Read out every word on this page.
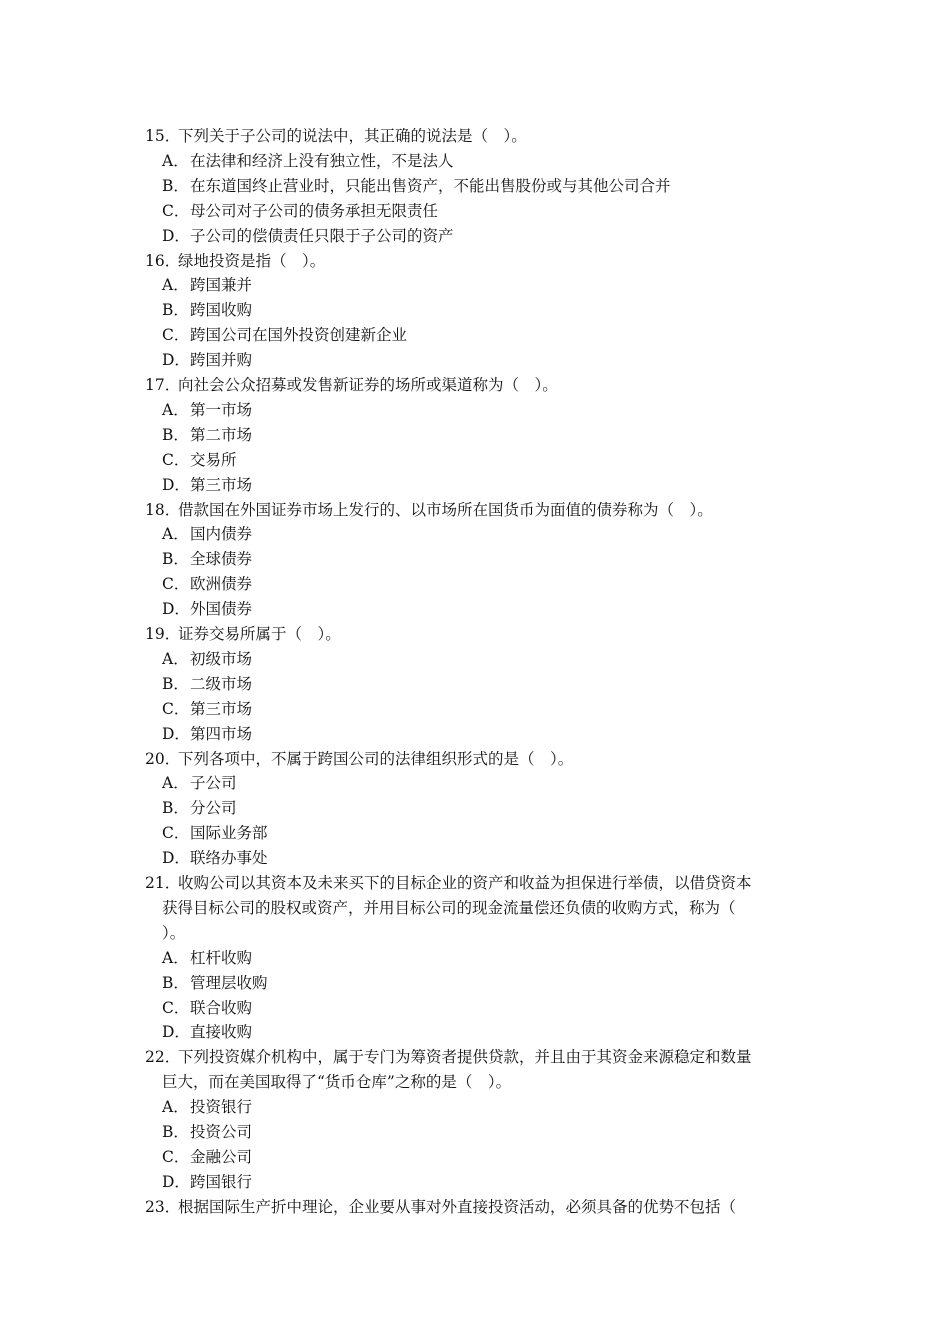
15．下列关于子公司的说法中，其正确的说法是（　）。
A．在法律和经济上没有独立性，不是法人
B．在东道国终止营业时，只能出售资产，不能出售股份或与其他公司合并
C．母公司对子公司的债务承担无限责任
D．子公司的偿债责任只限于子公司的资产
16．绿地投资是指（　）。
A．跨国兼并
B．跨国收购
C．跨国公司在国外投资创建新企业
D．跨国并购
17．向社会公众招募或发售新证券的场所或渠道称为（　）。
A．第一市场
B．第二市场
C．交易所
D．第三市场
18．借款国在外国证券市场上发行的、以市场所在国货币为面值的债券称为（　）。
A．国内债券
B．全球债券
C．欧洲债券
D．外国债券
19．证券交易所属于（　）。
A．初级市场
B．二级市场
C．第三市场
D．第四市场
20．下列各项中，不属于跨国公司的法律组织形式的是（　）。
A．子公司
B．分公司
C．国际业务部
D．联络办事处
21．收购公司以其资本及未来买下的目标企业的资产和收益为担保进行举债，以借贷资本
获得目标公司的股权或资产，并用目标公司的现金流量偿还负债的收购方式，称为（
）。
A．杠杆收购
B．管理层收购
C．联合收购
D．直接收购
22．下列投资媒介机构中，属于专门为筹资者提供贷款，并且由于其资金来源稳定和数量
巨大，而在美国取得了“货币仓库”之称的是（　）。
A．投资银行
B．投资公司
C．金融公司
D．跨国银行
23．根据国际生产折中理论，企业要从事对外直接投资活动，必须具备的优势不包括（
